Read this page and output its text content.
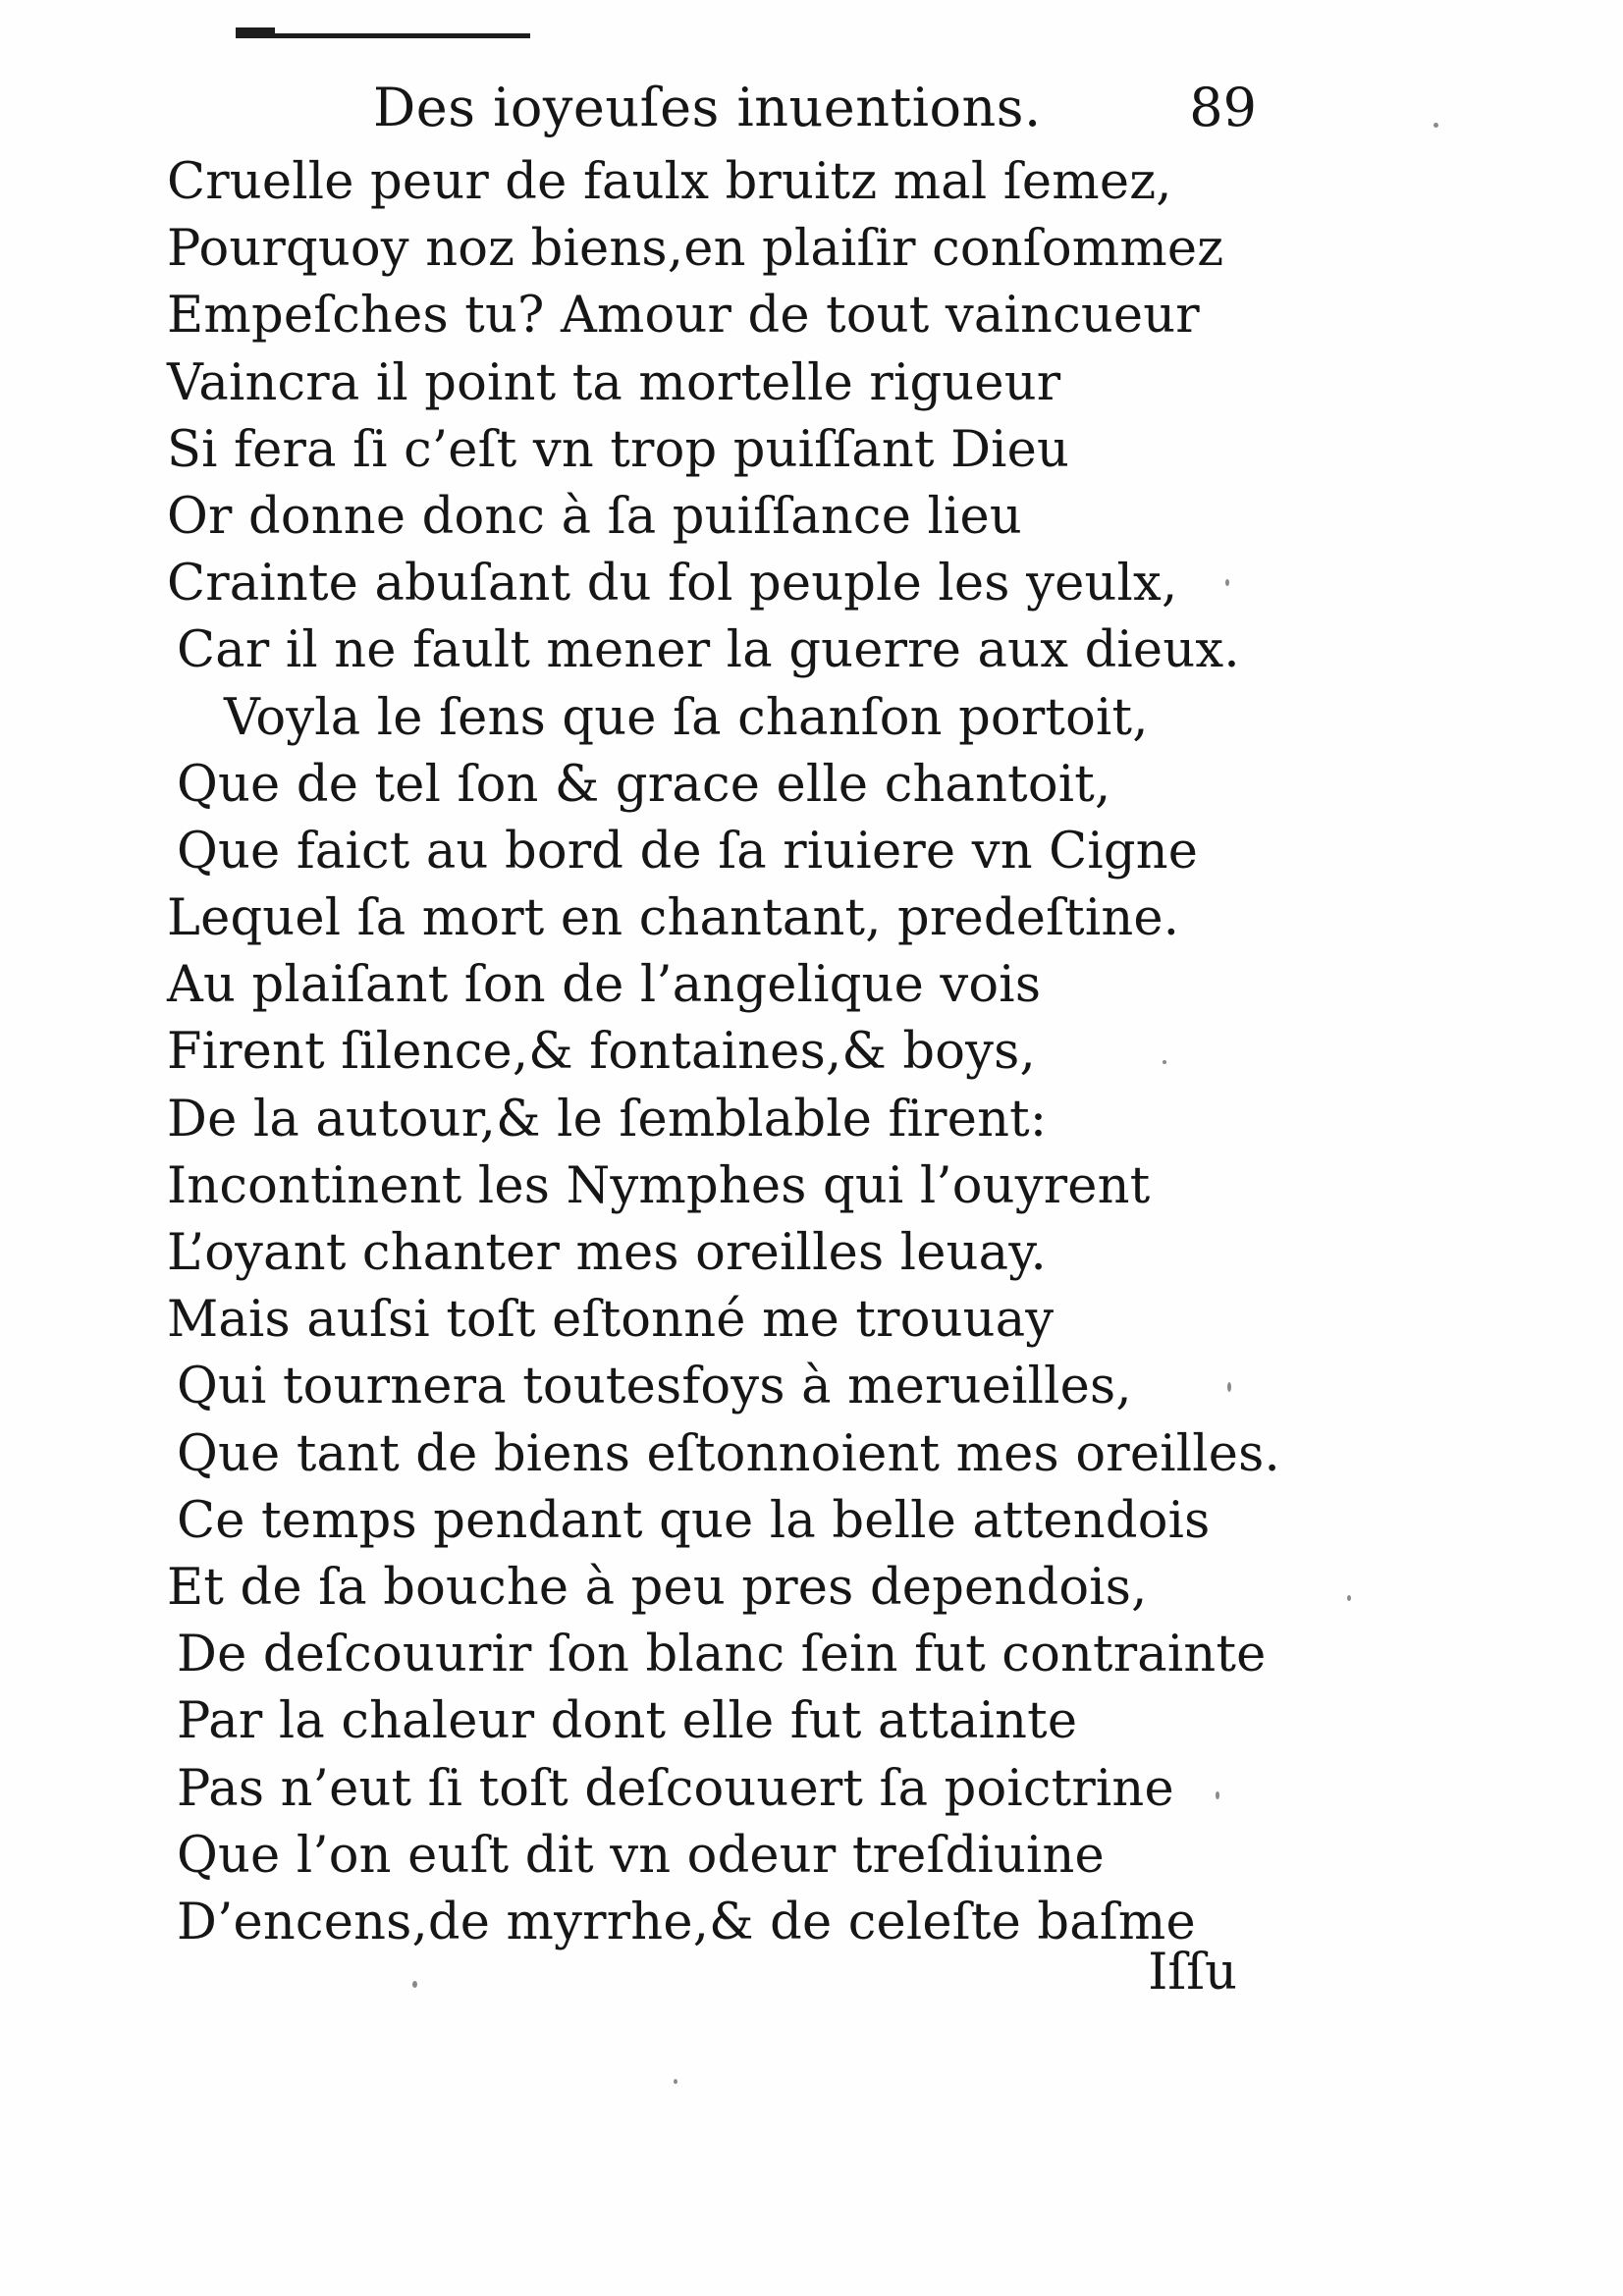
Des ioyeuſes inuentions.	89
Cruelle peur de faulx bruitz mal ſemez,
Pourquoy noz biens,en plaiſir conſommez
Empeſches tu? Amour de tout vaincueur
Vaincra il point ta mortelle rigueur
Si fera ſi c’eſt vn trop puiſſant Dieu
Or donne donc à ſa puiſſance lieu
Crainte abuſant du fol peuple les yeulx,
Car il ne fault mener la guerre aux dieux.
Voyla le ſens que ſa chanſon portoit,
Que de tel ſon & grace elle chantoit,
Que faict au bord de ſa riuiere vn Cigne
Lequel ſa mort en chantant, predeſtine.
Au plaiſant ſon de l’angelique vois
Firent ſilence,& fontaines,& boys,
De la autour,& le ſemblable firent:
Incontinent les Nymphes qui l’ouyrent
L’oyant chanter mes oreilles leuay.
Mais auſsi toſt eſtonné me trouuay
Qui tournera toutesfoys à merueilles,
Que tant de biens eſtonnoient mes oreilles.
Ce temps pendant que la belle attendois
Et de ſa bouche à peu pres dependois,
De deſcouurir ſon blanc ſein fut contrainte
Par la chaleur dont elle fut attainte
Pas n’eut ſi toſt deſcouuert ſa poictrine
Que l’on euſt dit vn odeur treſdiuine
D’encens,de myrrhe,& de celeſte baſme
Iſſu
